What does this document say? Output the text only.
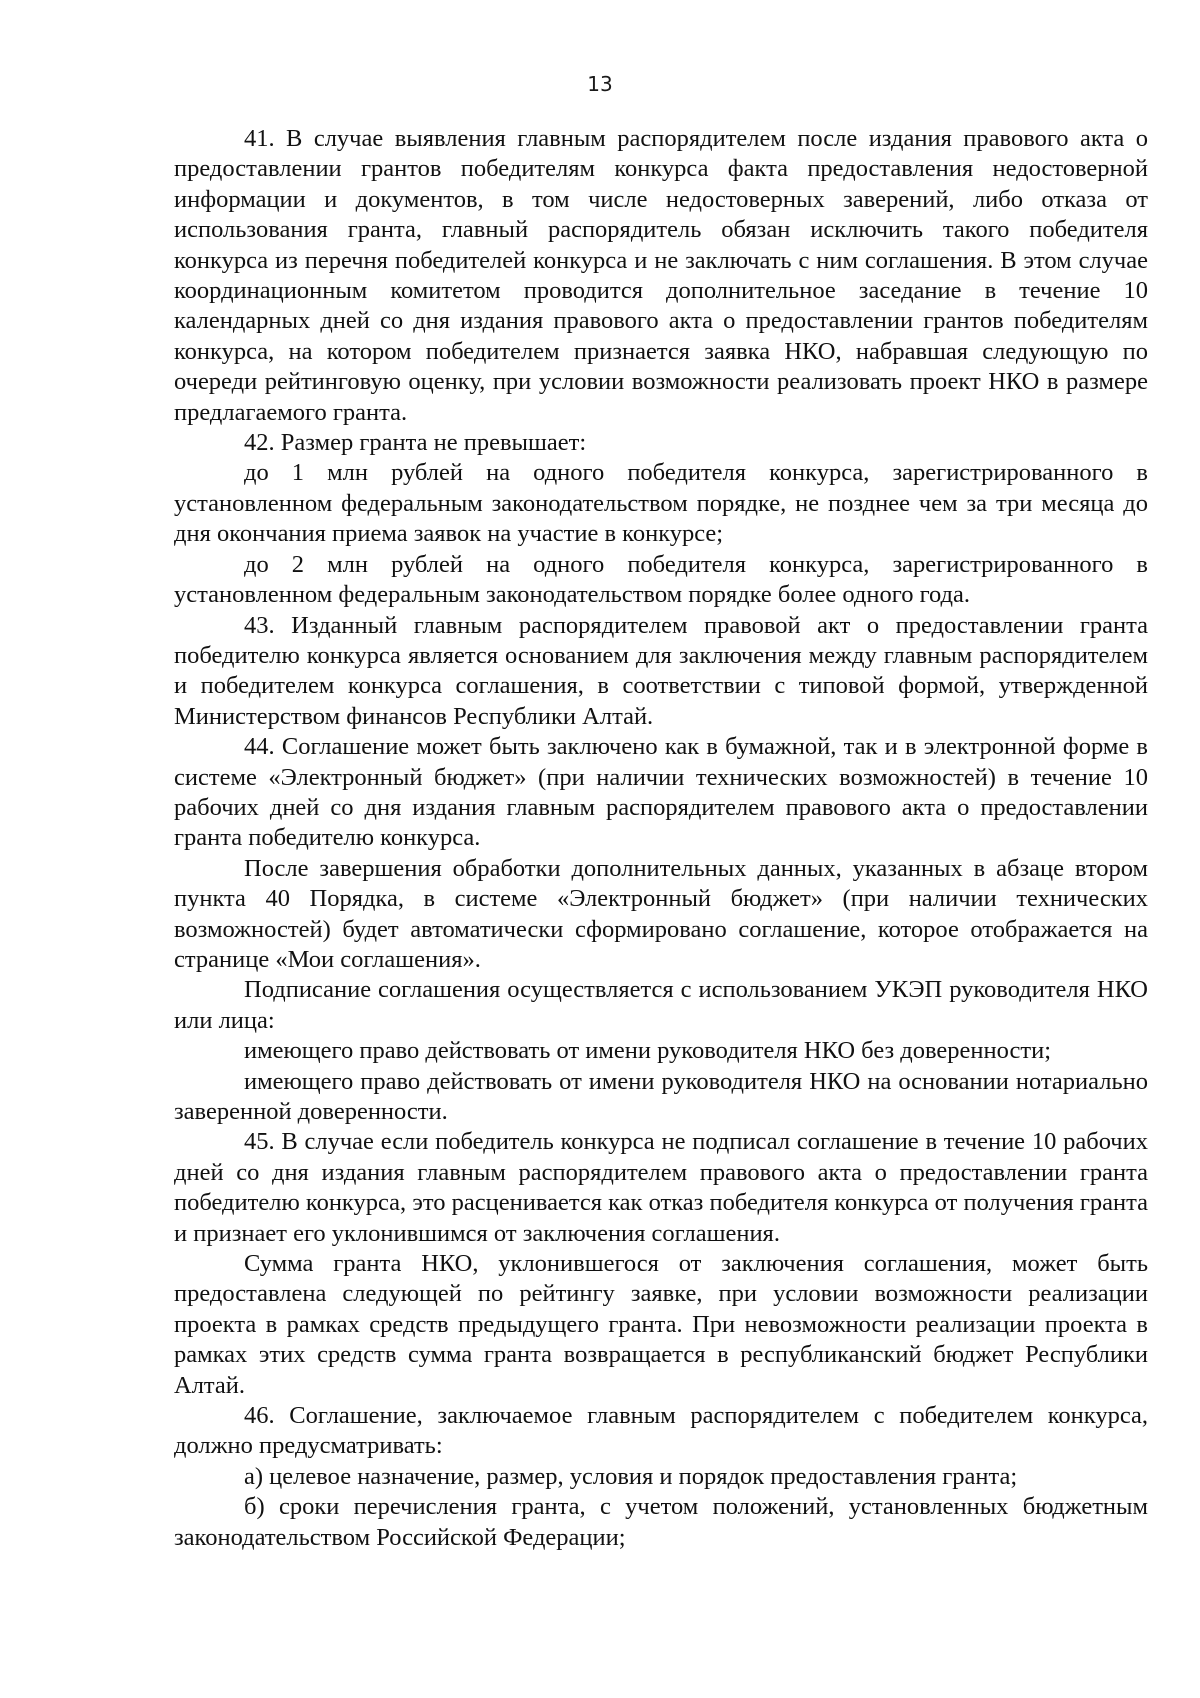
13

41. В случае выявления главным распорядителем после издания правового акта о предоставлении грантов победителям конкурса факта предоставления недостоверной информации и документов, в том числе недостоверных заверений, либо отказа от использования гранта, главный распорядитель обязан исключить такого победителя конкурса из перечня победителей конкурса и не заключать с ним соглашения. В этом случае координационным комитетом проводится дополнительное заседание в течение 10 календарных дней со дня издания правового акта о предоставлении грантов победителям конкурса, на котором победителем признается заявка НКО, набравшая следующую по очереди рейтинговую оценку, при условии возможности реализовать проект НКО в размере предлагаемого гранта.

42. Размер гранта не превышает:

до 1 млн рублей на одного победителя конкурса, зарегистрированного в установленном федеральным законодательством порядке, не позднее чем за три месяца до дня окончания приема заявок на участие в конкурсе;

до 2 млн рублей на одного победителя конкурса, зарегистрированного в установленном федеральным законодательством порядке более одного года.

43. Изданный главным распорядителем правовой акт о предоставлении гранта победителю конкурса является основанием для заключения между главным распорядителем и победителем конкурса соглашения, в соответствии с типовой формой, утвержденной Министерством финансов Республики Алтай.

44. Соглашение может быть заключено как в бумажной, так и в электронной форме в системе «Электронный бюджет» (при наличии технических возможностей) в течение 10 рабочих дней со дня издания главным распорядителем правового акта о предоставлении гранта победителю конкурса.

После завершения обработки дополнительных данных, указанных в абзаце втором пункта 40 Порядка, в системе «Электронный бюджет» (при наличии технических возможностей) будет автоматически сформировано соглашение, которое отображается на странице «Мои соглашения».

Подписание соглашения осуществляется с использованием УКЭП руководителя НКО или лица:

имеющего право действовать от имени руководителя НКО без доверенности;

имеющего право действовать от имени руководителя НКО на основании нотариально заверенной доверенности.

45. В случае если победитель конкурса не подписал соглашение в течение 10 рабочих дней со дня издания главным распорядителем правового акта о предоставлении гранта победителю конкурса, это расценивается как отказ победителя конкурса от получения гранта и признает его уклонившимся от заключения соглашения.

Сумма гранта НКО, уклонившегося от заключения соглашения, может быть предоставлена следующей по рейтингу заявке, при условии возможности реализации проекта в рамках средств предыдущего гранта. При невозможности реализации проекта в рамках этих средств сумма гранта возвращается в республиканский бюджет Республики Алтай.

46. Соглашение, заключаемое главным распорядителем с победителем конкурса, должно предусматривать:

а) целевое назначение, размер, условия и порядок предоставления гранта;

б) сроки перечисления гранта, с учетом положений, установленных бюджетным законодательством Российской Федерации;
